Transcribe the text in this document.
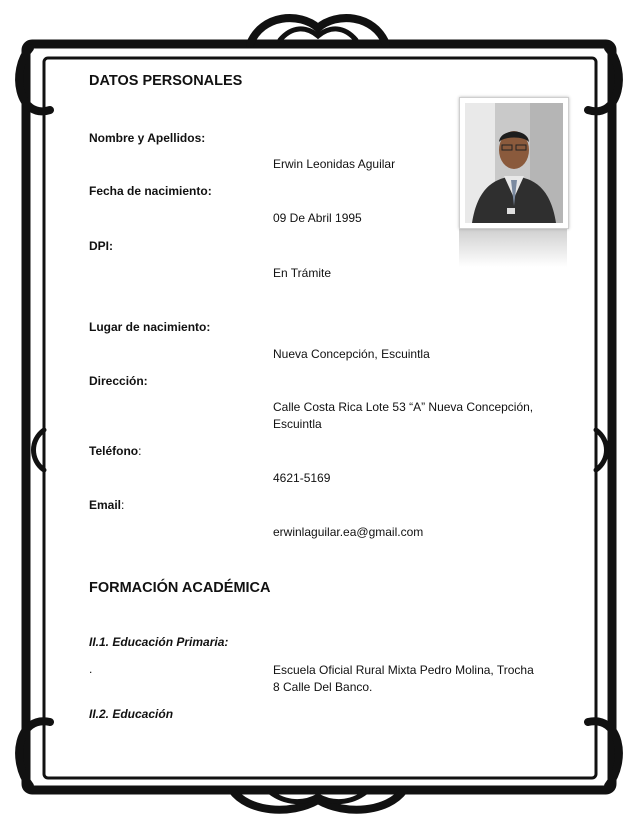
DATOS PERSONALES
Nombre y Apellidos:
Erwin Leonidas Aguilar
Fecha de nacimiento:
09 De Abril 1995
DPI:
En Trámite
Lugar de nacimiento:
Nueva Concepción, Escuintla
Dirección:
Calle Costa Rica Lote 53 “A” Nueva Concepción,
Escuintla
Teléfono:
4621-5169
Email:
erwinlaguilar.ea@gmail.com
FORMACIÓN ACADÉMICA
II.1. Educación Primaria:
.	Escuela Oficial Rural Mixta Pedro Molina, Trocha
8 Calle Del Banco.
II.2. Educación
